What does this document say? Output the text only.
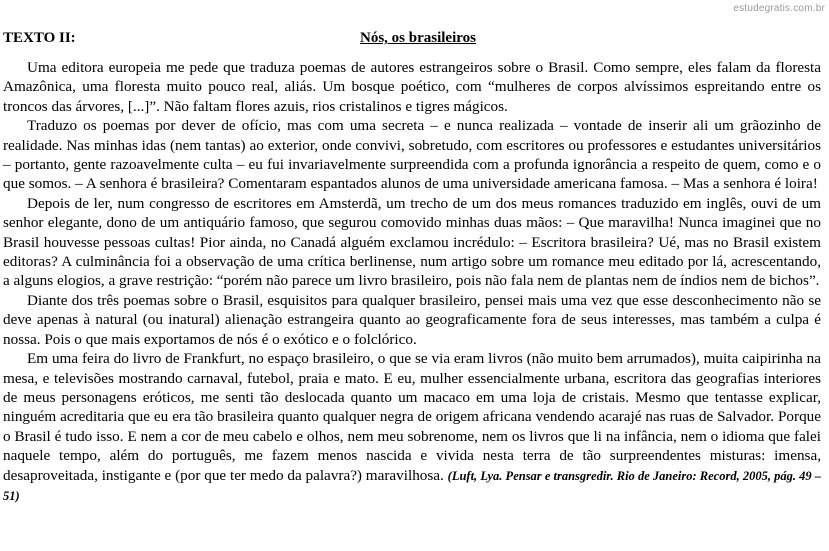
estudegratis.com.br
TEXTO II:	Nós, os brasileiros

Uma editora europeia me pede que traduza poemas de autores estrangeiros sobre o Brasil. Como sempre, eles falam da floresta Amazônica, uma floresta muito pouco real, aliás. Um bosque poético, com “mulheres de corpos alvíssimos espreitando entre os troncos das árvores, [...]”. Não faltam flores azuis, rios cristalinos e tigres mágicos.

Traduzo os poemas por dever de ofício, mas com uma secreta – e nunca realizada – vontade de inserir ali um grãozinho de realidade. Nas minhas idas (nem tantas) ao exterior, onde convivi, sobretudo, com escritores ou professores e estudantes universitários – portanto, gente razoavelmente culta – eu fui invariavelmente surpreendida com a profunda ignorância a respeito de quem, como e o que somos. – A senhora é brasileira? Comentaram espantados alunos de uma universidade americana famosa. – Mas a senhora é loira!

Depois de ler, num congresso de escritores em Amsterdã, um trecho de um dos meus romances traduzido em inglês, ouvi de um senhor elegante, dono de um antiquário famoso, que segurou comovido minhas duas mãos: – Que maravilha! Nunca imaginei que no Brasil houvesse pessoas cultas! Pior ainda, no Canadá alguém exclamou incrédulo: – Escritora brasileira? Ué, mas no Brasil existem editoras? A culminância foi a observação de uma crítica berlinense, num artigo sobre um romance meu editado por lá, acrescentando, a alguns elogios, a grave restrição: “porém não parece um livro brasileiro, pois não fala nem de plantas nem de índios nem de bichos”.

Diante dos três poemas sobre o Brasil, esquisitos para qualquer brasileiro, pensei mais uma vez que esse desconhecimento não se deve apenas à natural (ou inatural) alienação estrangeira quanto ao geograficamente fora de seus interesses, mas também a culpa é nossa. Pois o que mais exportamos de nós é o exótico e o folclórico.

Em uma feira do livro de Frankfurt, no espaço brasileiro, o que se via eram livros (não muito bem arrumados), muita caipirinha na mesa, e televisões mostrando carnaval, futebol, praia e mato. E eu, mulher essencialmente urbana, escritora das geografias interiores de meus personagens eróticos, me senti tão deslocada quanto um macaco em uma loja de cristais. Mesmo que tentasse explicar, ninguém acreditaria que eu era tão brasileira quanto qualquer negra de origem africana vendendo acarajé nas ruas de Salvador. Porque o Brasil é tudo isso. E nem a cor de meu cabelo e olhos, nem meu sobrenome, nem os livros que li na infância, nem o idioma que falei naquele tempo, além do português, me fazem menos nascida e vivida nesta terra de tão surpreendentes misturas: imensa, desaproveitada, instigante e (por que ter medo da palavra?) maravilhosa. (Luft, Lya. Pensar e transgredir. Rio de Janeiro: Record, 2005, pág. 49 – 51)
